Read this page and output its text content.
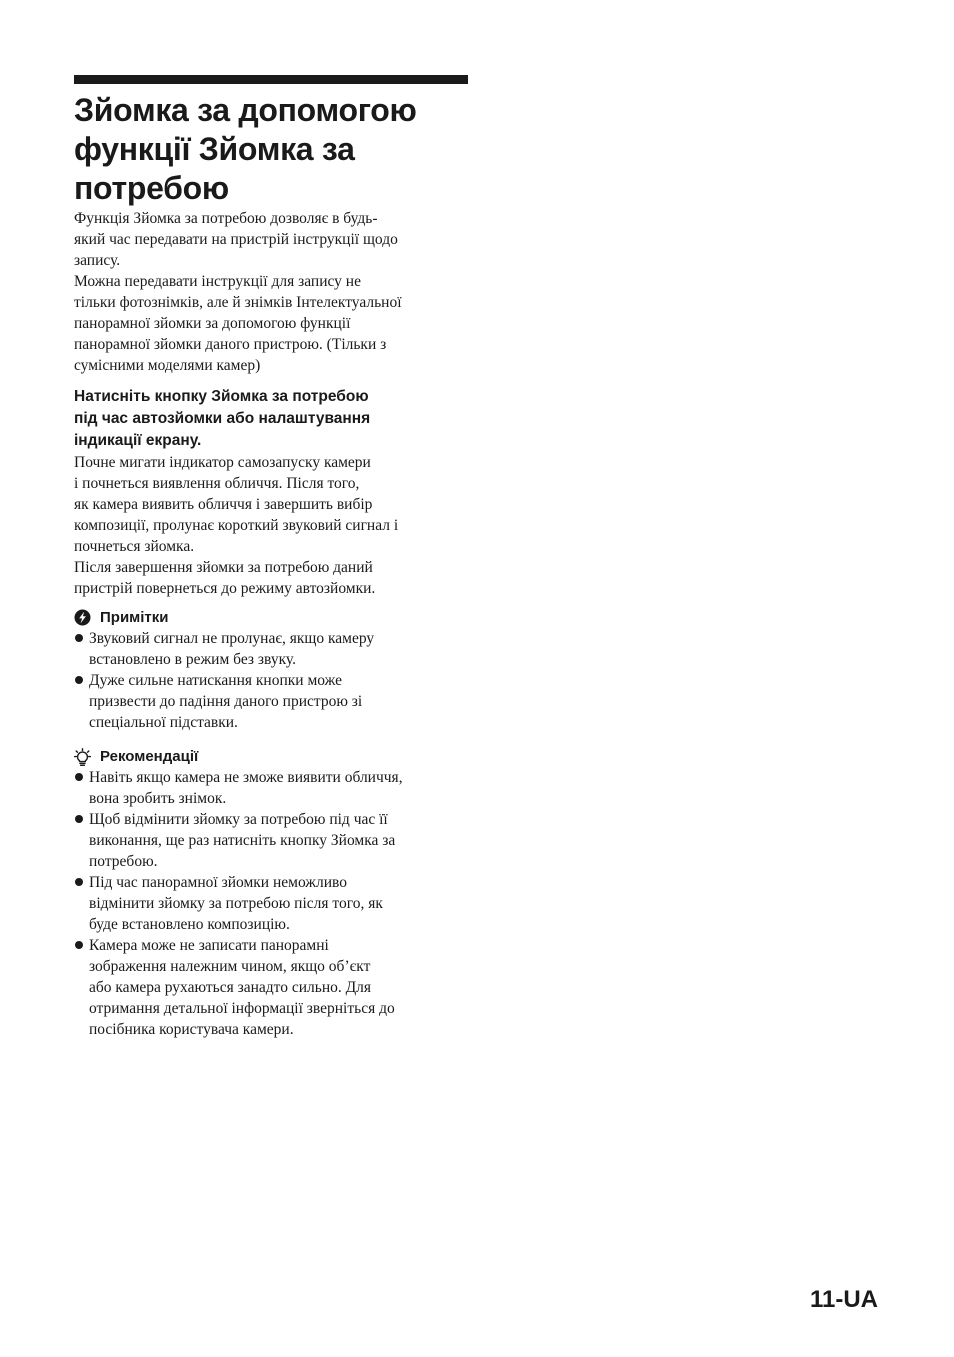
Зйомка за допомогою
функції Зйомка за
потребою

Функція Зйомка за потребою дозволяє в будь-
який час передавати на пристрій інструкції щодо
запису.
Можна передавати інструкції для запису не
тільки фотознімків, але й знімків Інтелектуальної
панорамної зйомки за допомогою функції
панорамної зйомки даного пристрою. (Тільки з
сумісними моделями камер)

Натисніть кнопку Зйомка за потребою
під час автозйомки або налаштування
індикації екрану.

Почне мигати індикатор самозапуску камери
і почнеться виявлення обличчя. Після того,
як камера виявить обличчя і завершить вибір
композиції, пролунає короткий звуковий сигнал і
почнеться зйомка.
Після завершення зйомки за потребою даний
пристрій повернеться до режиму автозйомки.

Примітки
Звуковий сигнал не пролунає, якщо камеру
встановлено в режим без звуку.
Дуже сильне натискання кнопки може
призвести до падіння даного пристрою зі
спеціальної підставки.
Рекомендації
Навіть якщо камера не зможе виявити обличчя,
вона зробить знімок.
Щоб відмінити зйомку за потребою під час її
виконання, ще раз натисніть кнопку Зйомка за
потребою.
Під час панорамної зйомки неможливо
відмінити зйомку за потребою після того, як
буде встановлено композицію.
Камера може не записати панорамні
зображення належним чином, якщо об’єкт
або камера рухаються занадто сильно. Для
отримання детальної інформації зверніться до
посібника користувача камери.
11-UA
